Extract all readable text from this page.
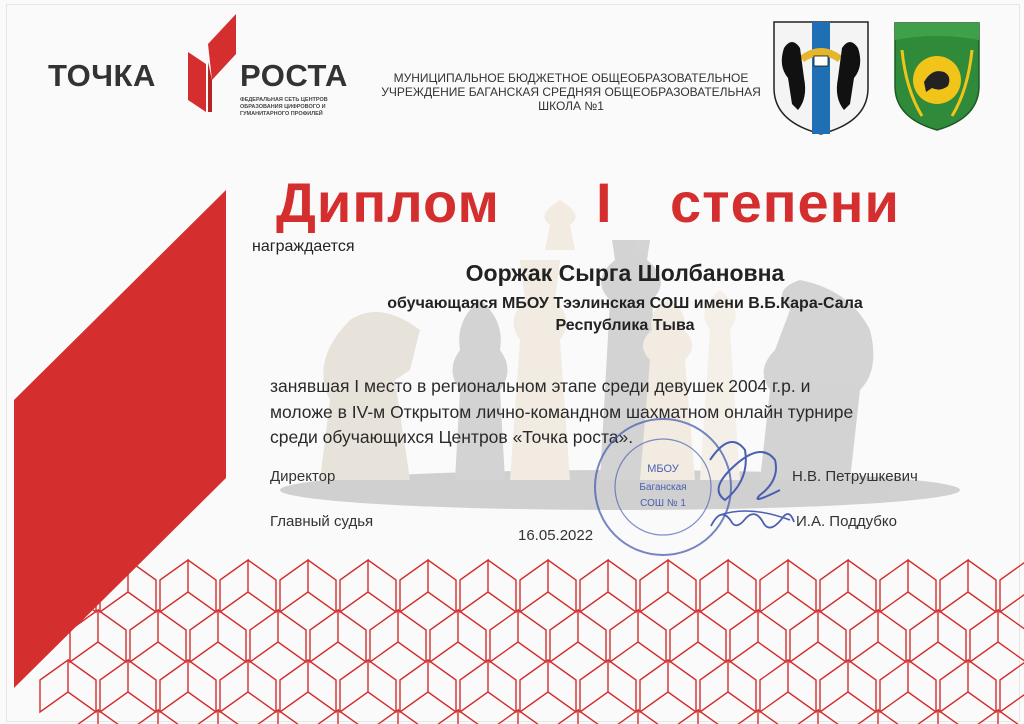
ТОЧКА	РОСТА
ФЕДЕРАЛЬНАЯ СЕТЬ ЦЕНТРОВ ОБРАЗОВАНИЯ ЦИФРОВОГО И ГУМАНИТАРНОГО ПРОФИЛЕЙ
МУНИЦИПАЛЬНОЕ БЮДЖЕТНОЕ ОБЩЕОБРАЗОВАТЕЛЬНОЕ УЧРЕЖДЕНИЕ БАГАНСКАЯ СРЕДНЯЯ ОБЩЕОБРАЗОВАТЕЛЬНАЯ ШКОЛА №1
Диплом I степени
награждается
Ооржак Сырга Шолбановна
обучающаяся МБОУ Тээлинская СОШ имени В.Б.Кара-Сала
Республика Тыва
занявшая I место в региональном этапе среди девушек 2004 г.р. и
моложе в IV-м Открытом лично-командном шахматном онлайн турнире
среди обучающихся Центров «Точка роста».
МБОУ
Баганская
СОШ № 1
Директор	Н.В. Петрушкевич
Главный судья	И.А. Поддубко
16.05.2022
